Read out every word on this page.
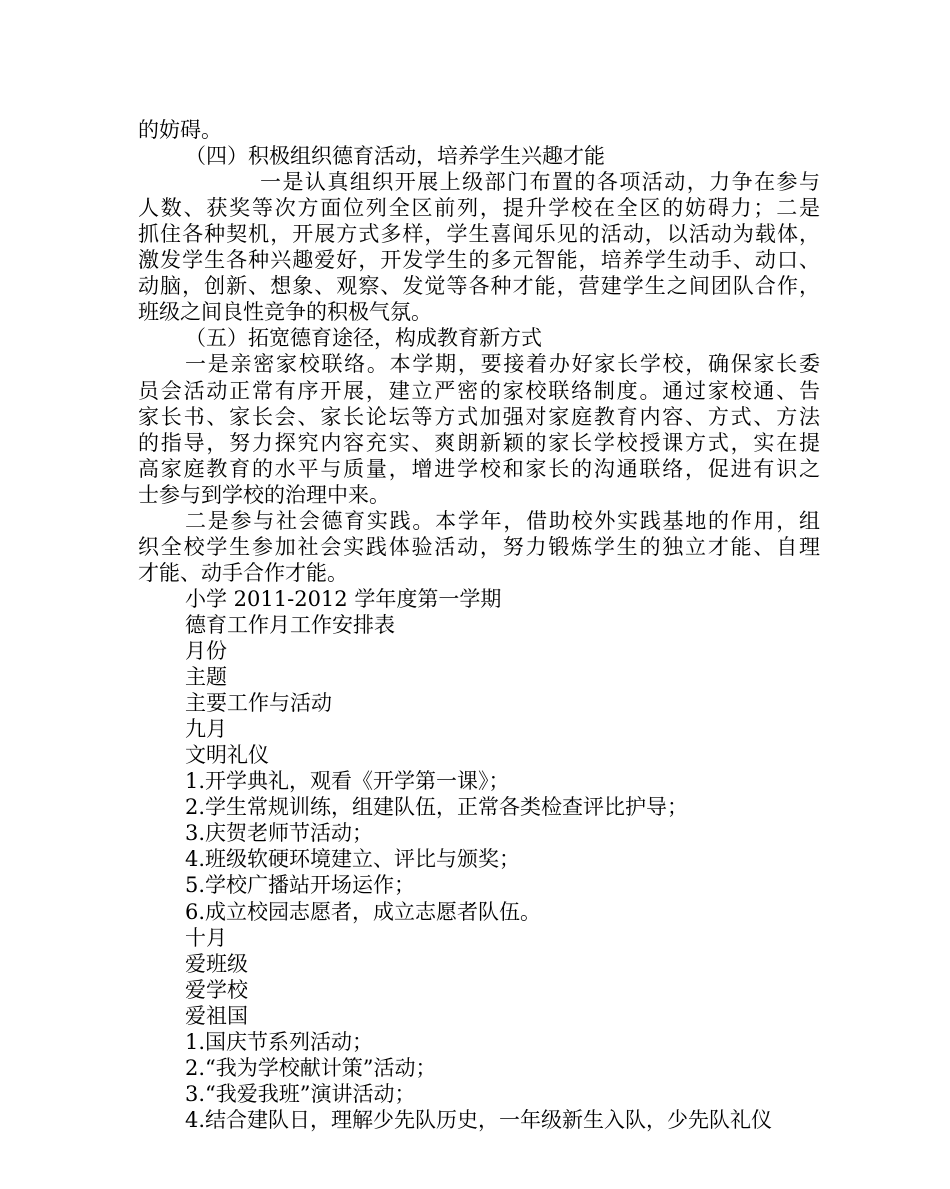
的妨碍。
（四）积极组织德育活动，培养学生兴趣才能
一是认真组织开展上级部门布置的各项活动，力争在参与
人数、获奖等次方面位列全区前列，提升学校在全区的妨碍力；二是
抓住各种契机，开展方式多样，学生喜闻乐见的活动，以活动为载体，
激发学生各种兴趣爱好，开发学生的多元智能，培养学生动手、动口、
动脑，创新、想象、观察、发觉等各种才能，营建学生之间团队合作，
班级之间良性竞争的积极气氛。
（五）拓宽德育途径，构成教育新方式
一是亲密家校联络。本学期，要接着办好家长学校，确保家长委
员会活动正常有序开展，建立严密的家校联络制度。通过家校通、告
家长书、家长会、家长论坛等方式加强对家庭教育内容、方式、方法
的指导，努力探究内容充实、爽朗新颖的家长学校授课方式，实在提
高家庭教育的水平与质量，增进学校和家长的沟通联络，促进有识之
士参与到学校的治理中来。
二是参与社会德育实践。本学年，借助校外实践基地的作用，组
织全校学生参加社会实践体验活动，努力锻炼学生的独立才能、自理
才能、动手合作才能。
小学 2011-2012 学年度第一学期
德育工作月工作安排表
月份
主题
主要工作与活动
九月
文明礼仪
1.开学典礼，观看《开学第一课》；
2.学生常规训练，组建队伍，正常各类检查评比护导；
3.庆贺老师节活动；
4.班级软硬环境建立、评比与颁奖；
5.学校广播站开场运作；
6.成立校园志愿者，成立志愿者队伍。
十月
爱班级
爱学校
爱祖国
1.国庆节系列活动；
2.“我为学校献计策”活动；
3.“我爱我班”演讲活动；
4.结合建队日，理解少先队历史，一年级新生入队，少先队礼仪
